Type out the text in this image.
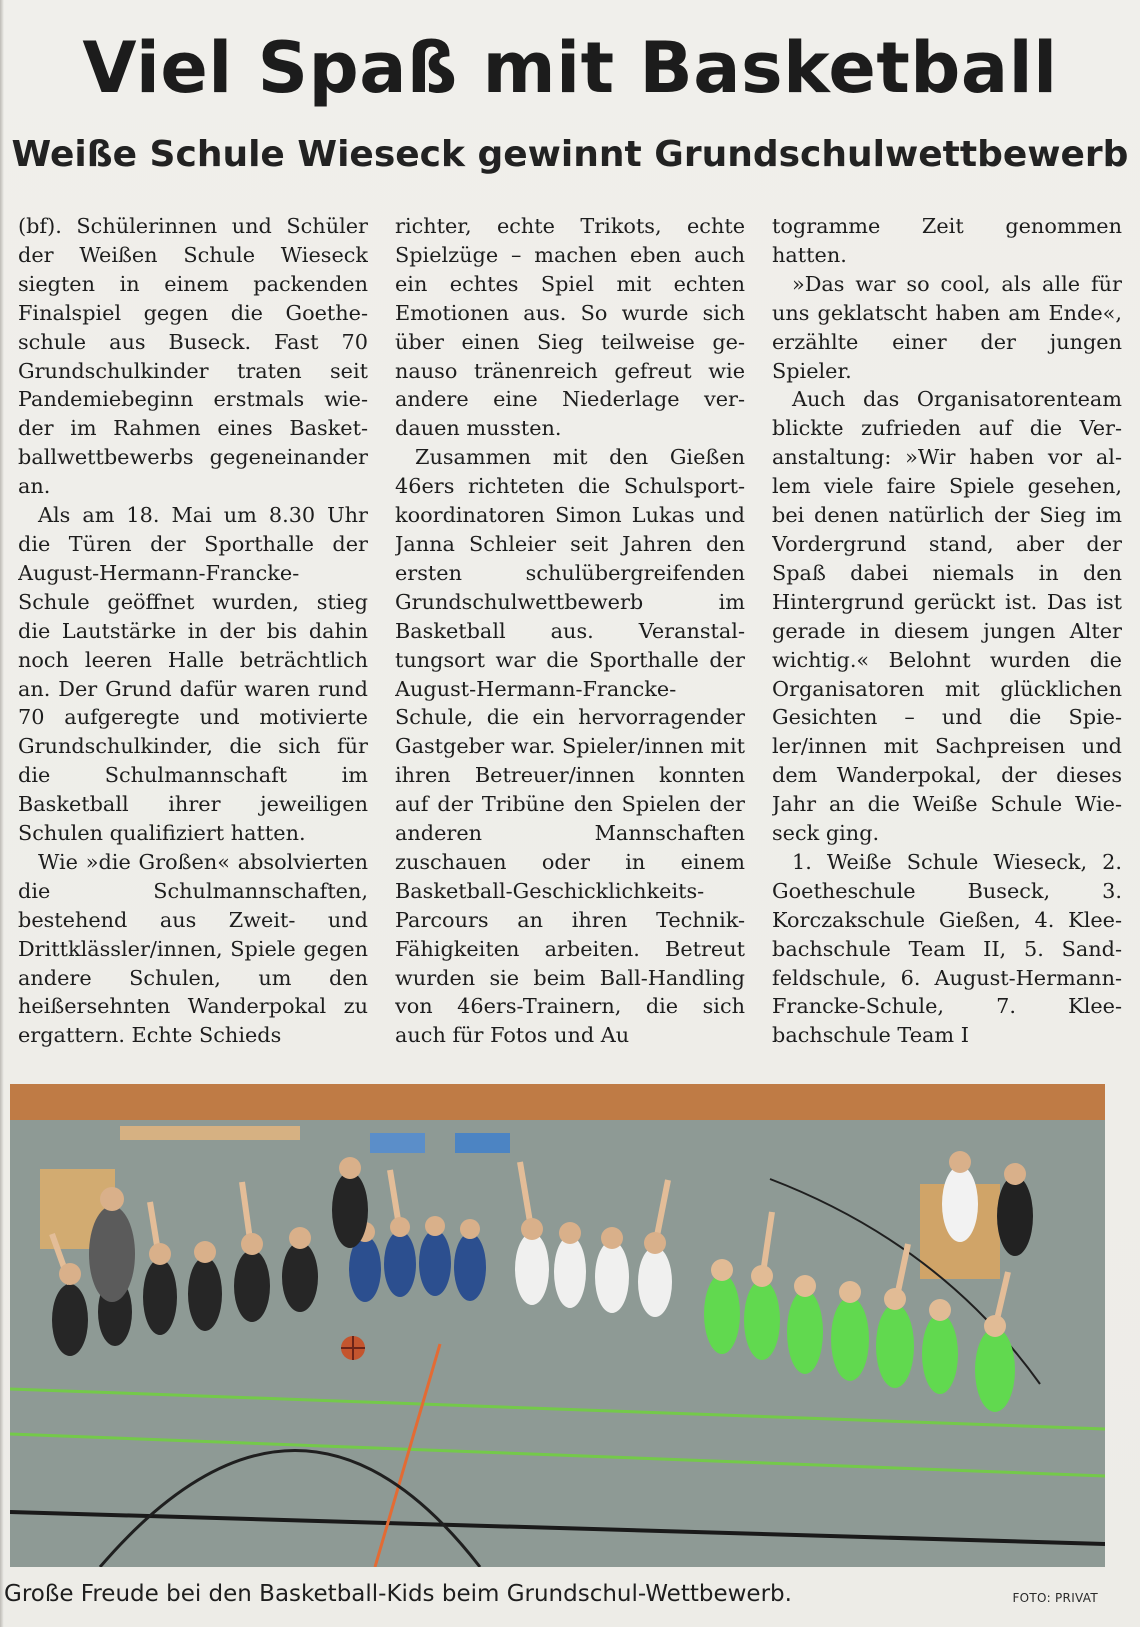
Viel Spaß mit Basketball
Weiße Schule Wieseck gewinnt Grundschulwettbewerb

(bf). Schülerinnen und Schüler der Weißen Schule Wieseck siegten in einem packenden Finalspiel gegen die Goetheschule aus Buseck. Fast 70 Grundschulkinder traten seit Pandemiebeginn erstmals wieder im Rahmen eines Basketballwettbewerbs gegeneinander an.

Als am 18. Mai um 8.30 Uhr die Türen der Sporthalle der August-Hermann-Francke-Schule geöffnet wurden, stieg die Lautstärke in der bis dahin noch leeren Halle beträchtlich an. Der Grund dafür waren rund 70 aufgeregte und motivierte Grundschulkinder, die sich für die Schulmannschaft im Basketball ihrer jeweiligen Schulen qualifiziert hatten.

Wie »die Großen« absolvierten die Schulmannschaften, bestehend aus Zweit- und Drittklässler/innen, Spiele gegen andere Schulen, um den heißersehnten Wanderpokal zu ergattern. Echte Schieds

richter, echte Trikots, echte Spielzüge – machen eben auch ein echtes Spiel mit echten Emotionen aus. So wurde sich über einen Sieg teilweise genauso tränenreich gefreut wie andere eine Niederlage verdauen mussten.

Zusammen mit den Gießen 46ers richteten die Schulsportkoordinatoren Simon Lukas und Janna Schleier seit Jahren den ersten schulübergreifenden Grundschulwettbewerb im Basketball aus. Veranstaltungsort war die Sporthalle der August-Hermann-Francke-Schule, die ein hervorragender Gastgeber war. Spieler/innen mit ihren Betreuer/innen konnten auf der Tribüne den Spielen der anderen Mannschaften zuschauen oder in einem Basketball-Geschicklichkeits-Parcours an ihren Technik-Fähigkeiten arbeiten. Betreut wurden sie beim Ball-Handling von 46ers-Trainern, die sich auch für Fotos und Au

togramme Zeit genommen hatten.

»Das war so cool, als alle für uns geklatscht haben am Ende«, erzählte einer der jungen Spieler.

Auch das Organisatorenteam blickte zufrieden auf die Veranstaltung: »Wir haben vor allem viele faire Spiele gesehen, bei denen natürlich der Sieg im Vordergrund stand, aber der Spaß dabei niemals in den Hintergrund gerückt ist. Das ist gerade in diesem jungen Alter wichtig.« Belohnt wurden die Organisatoren mit glücklichen Gesichten – und die Spieler/innen mit Sachpreisen und dem Wanderpokal, der dieses Jahr an die Weiße Schule Wieseck ging.

1. Weiße Schule Wieseck, 2. Goetheschule Buseck, 3. Korczakschule Gießen, 4. Kleebachschule Team II, 5. Sandfeldschule, 6. August-Hermann-Francke-Schule, 7. Kleebachschule Team I

Große Freude bei den Basketball-Kids beim Grundschul-Wettbewerb.	FOTO: PRIVAT
